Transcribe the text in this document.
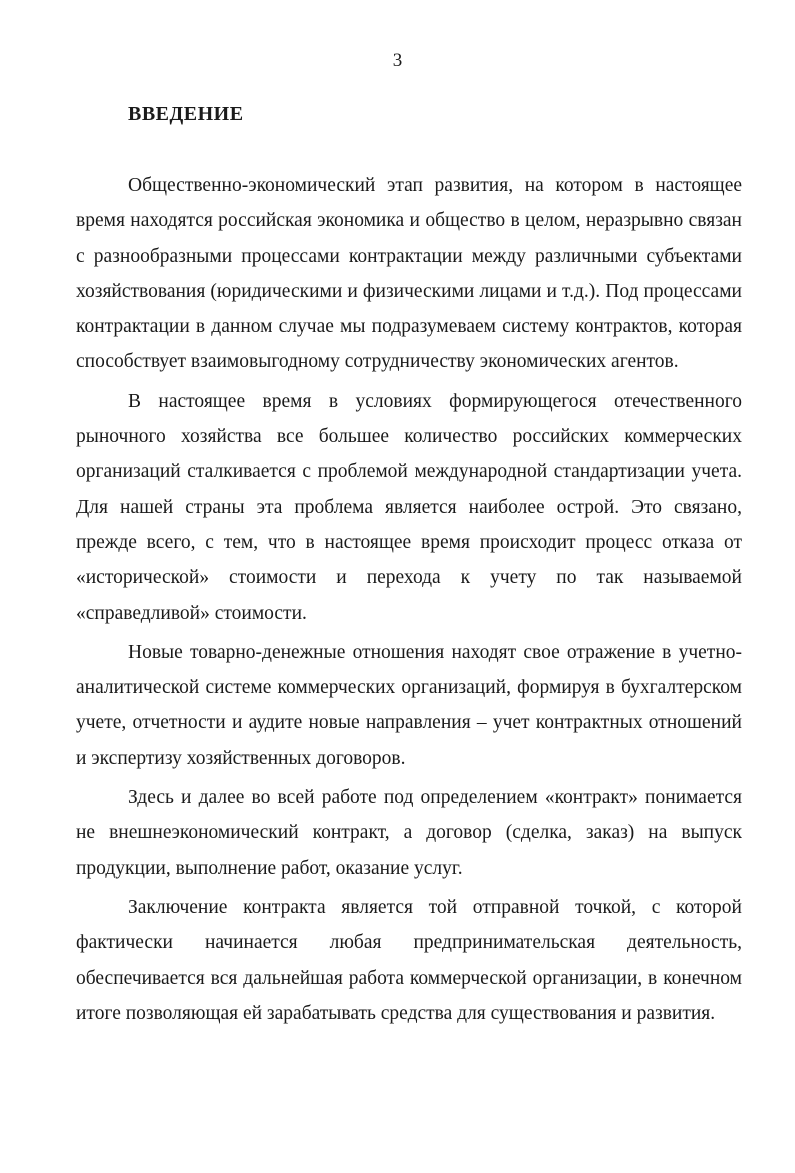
3
ВВЕДЕНИЕ

Общественно-экономический этап развития, на котором в настоящее время находятся российская экономика и общество в целом, неразрывно связан с разнообразными процессами контрактации между различными субъектами хозяйствования (юридическими и физическими лицами и т.д.). Под процессами контрактации в данном случае мы подразумеваем систему контрактов, которая способствует взаимовыгодному сотрудничеству экономических агентов.

В настоящее время в условиях формирующегося отечественного рыночного хозяйства все большее количество российских коммерческих организаций сталкивается с проблемой международной стандартизации учета. Для нашей страны эта проблема является наиболее острой. Это связано, прежде всего, с тем, что в настоящее время происходит процесс отказа от «исторической» стоимости и перехода к учету по так называемой «справедливой» стоимости.

Новые товарно-денежные отношения находят свое отражение в учетно-аналитической системе коммерческих организаций, формируя в бухгалтерском учете, отчетности и аудите новые направления – учет контрактных отношений и экспертизу хозяйственных договоров.

Здесь и далее во всей работе под определением «контракт» понимается не внешнеэкономический контракт, а договор (сделка, заказ) на выпуск продукции, выполнение работ, оказание услуг.

Заключение контракта является той отправной точкой, с которой фактически начинается любая предпринимательская деятельность, обеспечивается вся дальнейшая работа коммерческой организации, в конечном итоге позволяющая ей зарабатывать средства для существования и развития.
